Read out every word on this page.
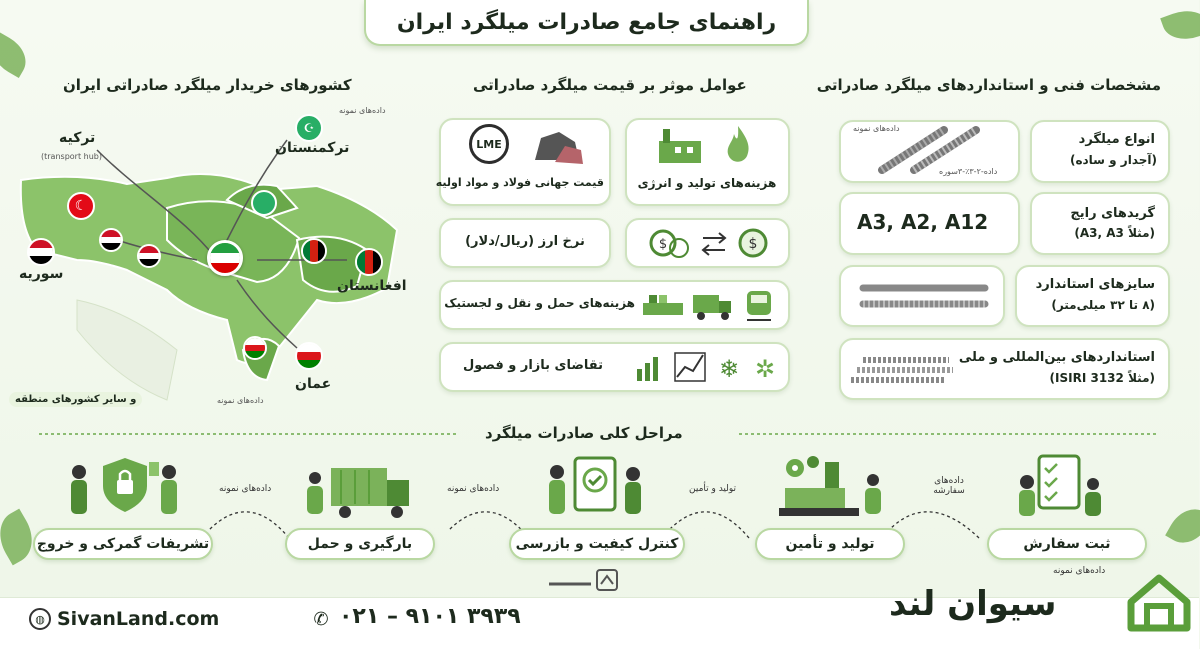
راهنمای جامع صادرات میلگرد ایران
مشخصات فنی و استانداردهای میلگرد صادراتی
انواع میلگرد
(آجدار و ساده)
داده‌های نمونه
داده-۲-۳٪-۳سوره
گریدهای رایج
(مثلاً A3, A3)
A3, A2, A12
سایزهای استاندارد
(۸ تا ۳۲ میلی‌متر)
استانداردهای بین‌المللی و ملی
(مثلاً ISIRI 3132)
عوامل موثر بر قیمت میلگرد صادراتی
هزینه‌های تولید و انرژی
LME
قیمت جهانی فولاد و مواد اولیه
$	$
نرخ ارز (ریال/دلار)
هزینه‌های حمل و نقل و لجستیک
❄ ✲
تقاضای بازار و فصول
کشورهای خریدار میلگرد صادراتی ایران
☾
☪
داده‌های نمونه
ترکیه
(transport hub)
ترکمنستان
سوریه
افغانستان
عمان
داده‌های نمونه
و سایر کشورهای منطقه
مراحل کلی صادرات میلگرد
داده‌های سفارشه
تولید و تأمین
داده‌های نمونه
داده‌های نمونه
ثبت سفارش
تولید و تأمین
کنترل کیفیت و بازرسی
بارگیری و حمل
تشریفات گمرکی و خروج
◍ SivanLand.com	✆ ۰۲۱ – ۹۱۰۱ ۳۹۳۹
داده‌های نمونه
سیوان لند
